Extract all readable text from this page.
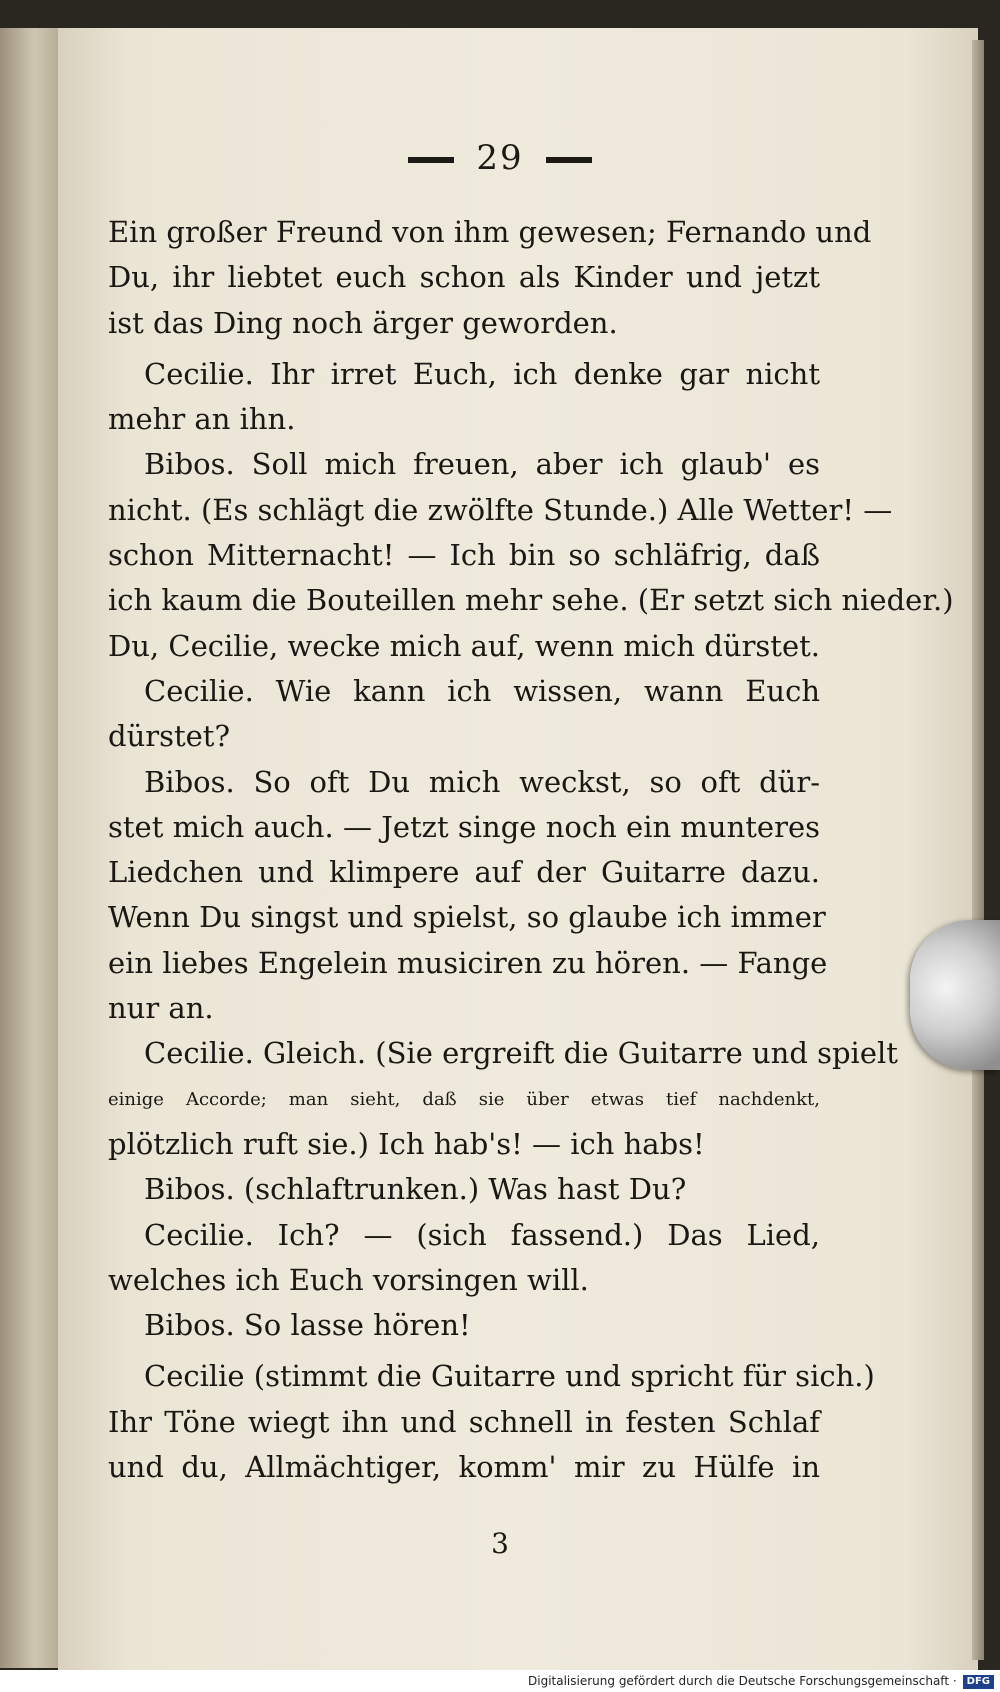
29
Ein großer Freund von ihm gewesen; Fernando und
Du, ihr liebtet euch schon als Kinder und jetzt
ist das Ding noch ärger geworden.
Cecilie. Ihr irret Euch, ich denke gar nicht
mehr an ihn.
Bibos. Soll mich freuen, aber ich glaub' es
nicht. (Es schlägt die zwölfte Stunde.) Alle Wetter! —
schon Mitternacht! — Ich bin so schläfrig, daß
ich kaum die Bouteillen mehr sehe. (Er setzt sich nieder.)
Du, Cecilie, wecke mich auf, wenn mich dürstet.
Cecilie. Wie kann ich wissen, wann Euch
dürstet?
Bibos. So oft Du mich weckst, so oft dür-
stet mich auch. — Jetzt singe noch ein munteres
Liedchen und klimpere auf der Guitarre dazu.
Wenn Du singst und spielst, so glaube ich immer
ein liebes Engelein musiciren zu hören. — Fange
nur an.
Cecilie. Gleich. (Sie ergreift die Guitarre und spielt
einige Accorde; man sieht, daß sie über etwas tief nachdenkt,
plötzlich ruft sie.) Ich hab's! — ich habs!
Bibos. (schlaftrunken.) Was hast Du?
Cecilie. Ich? — (sich fassend.) Das Lied,
welches ich Euch vorsingen will.
Bibos. So lasse hören!
Cecilie (stimmt die Guitarre und spricht für sich.)
Ihr Töne wiegt ihn und schnell in festen Schlaf
und du, Allmächtiger, komm' mir zu Hülfe in
3
Digitalisierung gefördert durch die Deutsche Forschungsgemeinschaft · DFG
